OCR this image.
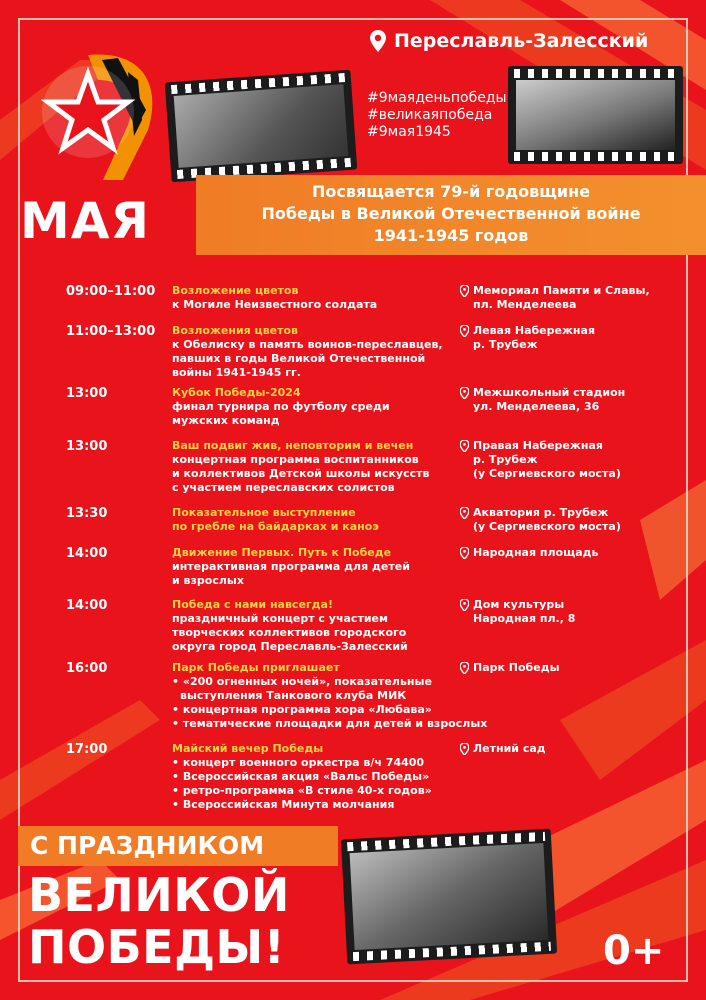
МАЯ
Переславль-Залесский
#9маяденьпобеды
#великаяпобеда
#9мая1945
Посвящается 79-й годовщине
Победы в Великой Отечественной войне
1941-1945 годов
09:00–11:00 Возложение цветов
к Могиле Неизвестного солдата
Мемориал Памяти и Славы,
пл. Менделеева
11:00–13:00 Возложения цветов
к Обелиску в память воинов-переславцев,
павших в годы Великой Отечественной
войны 1941-1945 гг.
Левая Набережная
р. Трубеж
13:00	Кубок Победы-2024
финал турнира по футболу среди
мужских команд
Межшкольный стадион
ул. Менделеева, 36
13:00	Ваш подвиг жив, неповторим и вечен
концертная программа воспитанников
и коллективов Детской школы искусств
с участием переславских солистов
Правая Набережная
р. Трубеж
(у Сергиевского моста)
13:30	Показательное выступление
по гребле на байдарках и каноэ
Акватория р. Трубеж
(у Сергиевского моста)
14:00	Движение Первых. Путь к Победе
интерактивная программа для детей
и взрослых
Народная площадь
14:00	Победа с нами навсегда!
праздничный концерт с участием
творческих коллективов городского
округа город Переславль-Залесский
Дом культуры
Народная пл., 8
16:00	Парк Победы приглашает
• «200 огненных ночей», показательные
выступления Танкового клуба МИК
• концертная программа хора «Любава»
• тематические площадки для детей и взрослых
Парк Победы
17:00	Майский вечер Победы
• концерт военного оркестра в/ч 74400
• Всероссийская акция «Вальс Победы»
• ретро-программа «В стиле 40-х годов»
• Всероссийская Минута молчания
Летний сад
С ПРАЗДНИКОМ
ВЕЛИКОЙ
ПОБЕДЫ!	0+
